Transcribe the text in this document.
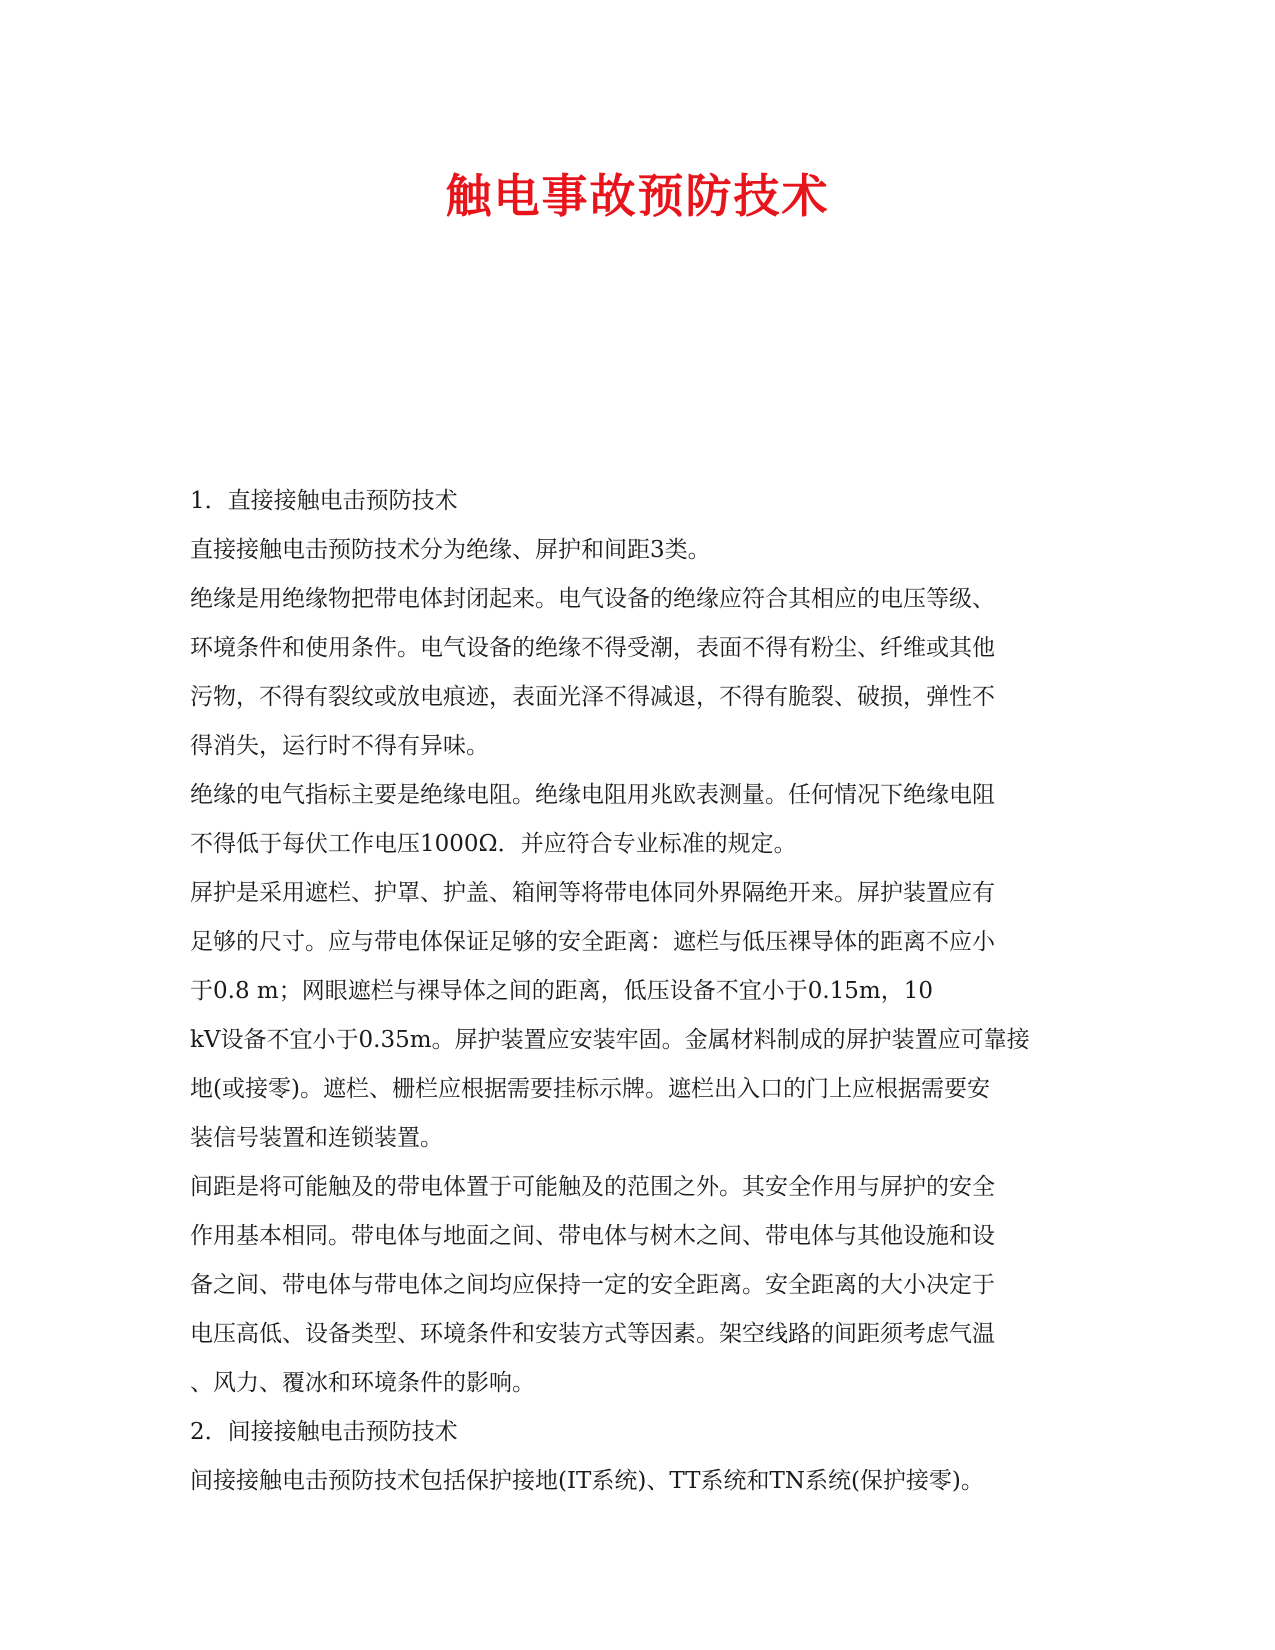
触电事故预防技术
1．直接接触电击预防技术
直接接触电击预防技术分为绝缘、屏护和间距3类。
绝缘是用绝缘物把带电体封闭起来。电气设备的绝缘应符合其相应的电压等级、
环境条件和使用条件。电气设备的绝缘不得受潮，表面不得有粉尘、纤维或其他
污物，不得有裂纹或放电痕迹，表面光泽不得减退，不得有脆裂、破损，弹性不
得消失，运行时不得有异味。
绝缘的电气指标主要是绝缘电阻。绝缘电阻用兆欧表测量。任何情况下绝缘电阻
不得低于每伏工作电压1000Ω．并应符合专业标准的规定。
屏护是采用遮栏、护罩、护盖、箱闸等将带电体同外界隔绝开来。屏护装置应有
足够的尺寸。应与带电体保证足够的安全距离：遮栏与低压裸导体的距离不应小
于0.8 m；网眼遮栏与裸导体之间的距离，低压设备不宜小于0.15m，10
kV设备不宜小于0.35m。屏护装置应安装牢固。金属材料制成的屏护装置应可靠接
地(或接零)。遮栏、栅栏应根据需要挂标示牌。遮栏出入口的门上应根据需要安
装信号装置和连锁装置。
间距是将可能触及的带电体置于可能触及的范围之外。其安全作用与屏护的安全
作用基本相同。带电体与地面之间、带电体与树木之间、带电体与其他设施和设
备之间、带电体与带电体之间均应保持一定的安全距离。安全距离的大小决定于
电压高低、设备类型、环境条件和安装方式等因素。架空线路的间距须考虑气温
、风力、覆冰和环境条件的影响。
2．间接接触电击预防技术
间接接触电击预防技术包括保护接地(IT系统)、TT系统和TN系统(保护接零)。
